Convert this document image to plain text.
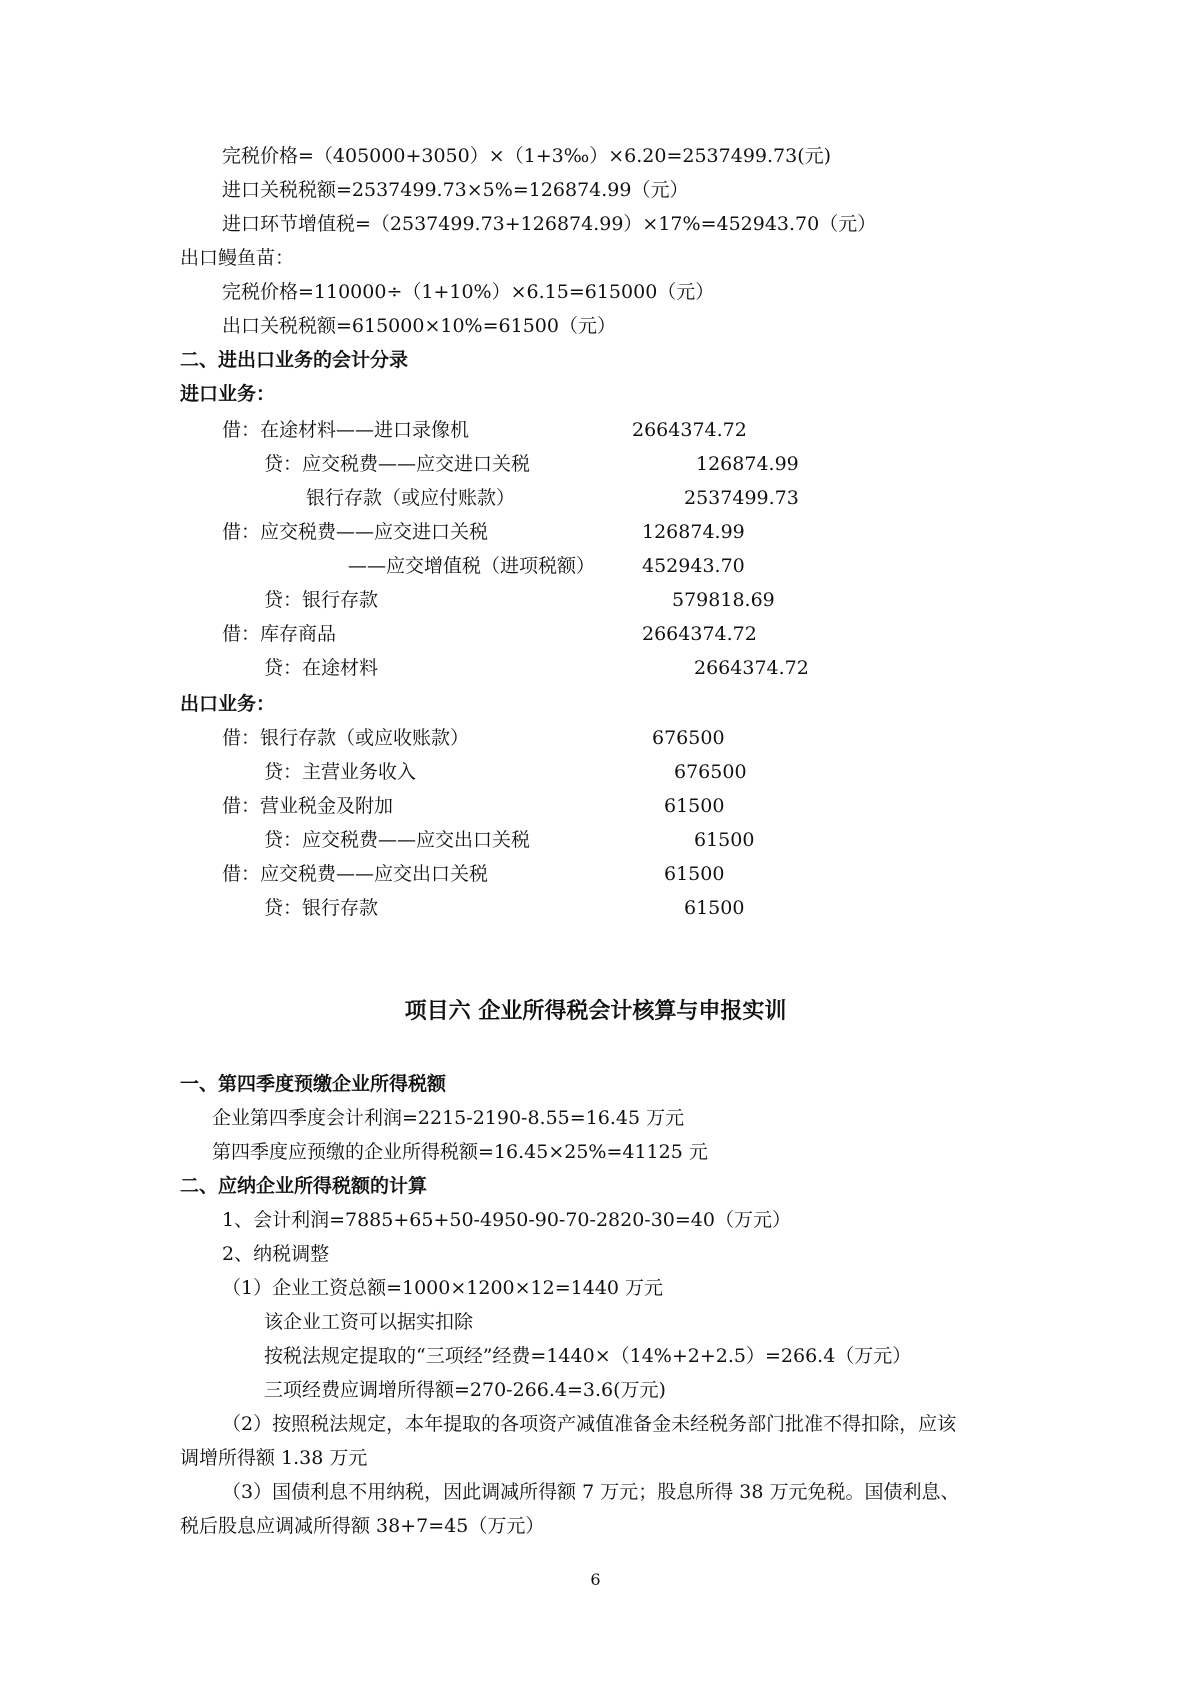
完税价格=（405000+3050）×（1+3‰）×6.20=2537499.73(元)
进口关税税额=2537499.73×5%=126874.99（元）
进口环节增值税=（2537499.73+126874.99）×17%=452943.70（元）
出口鳗鱼苗：
完税价格=110000÷（1+10%）×6.15=615000（元）
出口关税税额=615000×10%=61500（元）
二、进出口业务的会计分录
进口业务：
借：在途材料——进口录像机	2664374.72
贷：应交税费——应交进口关税	126874.99
银行存款（或应付账款）	2537499.73
借：应交税费——应交进口关税	126874.99
——应交增值税（进项税额） 452943.70
贷：银行存款	579818.69
借：库存商品	2664374.72
贷：在途材料	2664374.72
出口业务：
借：银行存款（或应收账款）	676500
贷：主营业务收入	676500
借：营业税金及附加	61500
贷：应交税费——应交出口关税	61500
借：应交税费——应交出口关税	61500
贷：银行存款	61500
项目六 企业所得税会计核算与申报实训
一、第四季度预缴企业所得税额
企业第四季度会计利润=2215-2190-8.55=16.45 万元
第四季度应预缴的企业所得税额=16.45×25%=41125 元
二、应纳企业所得税额的计算
1、会计利润=7885+65+50-4950-90-70-2820-30=40（万元）
2、纳税调整
（1）企业工资总额=1000×1200×12=1440 万元
该企业工资可以据实扣除
按税法规定提取的“三项经”经费=1440×（14%+2+2.5）=266.4（万元）
三项经费应调增所得额=270-266.4=3.6(万元)
（2）按照税法规定，本年提取的各项资产减值准备金未经税务部门批准不得扣除，应该
调增所得额 1.38 万元
（3）国债利息不用纳税，因此调减所得额 7 万元；股息所得 38 万元免税。国债利息、
税后股息应调减所得额 38+7=45（万元）
6
